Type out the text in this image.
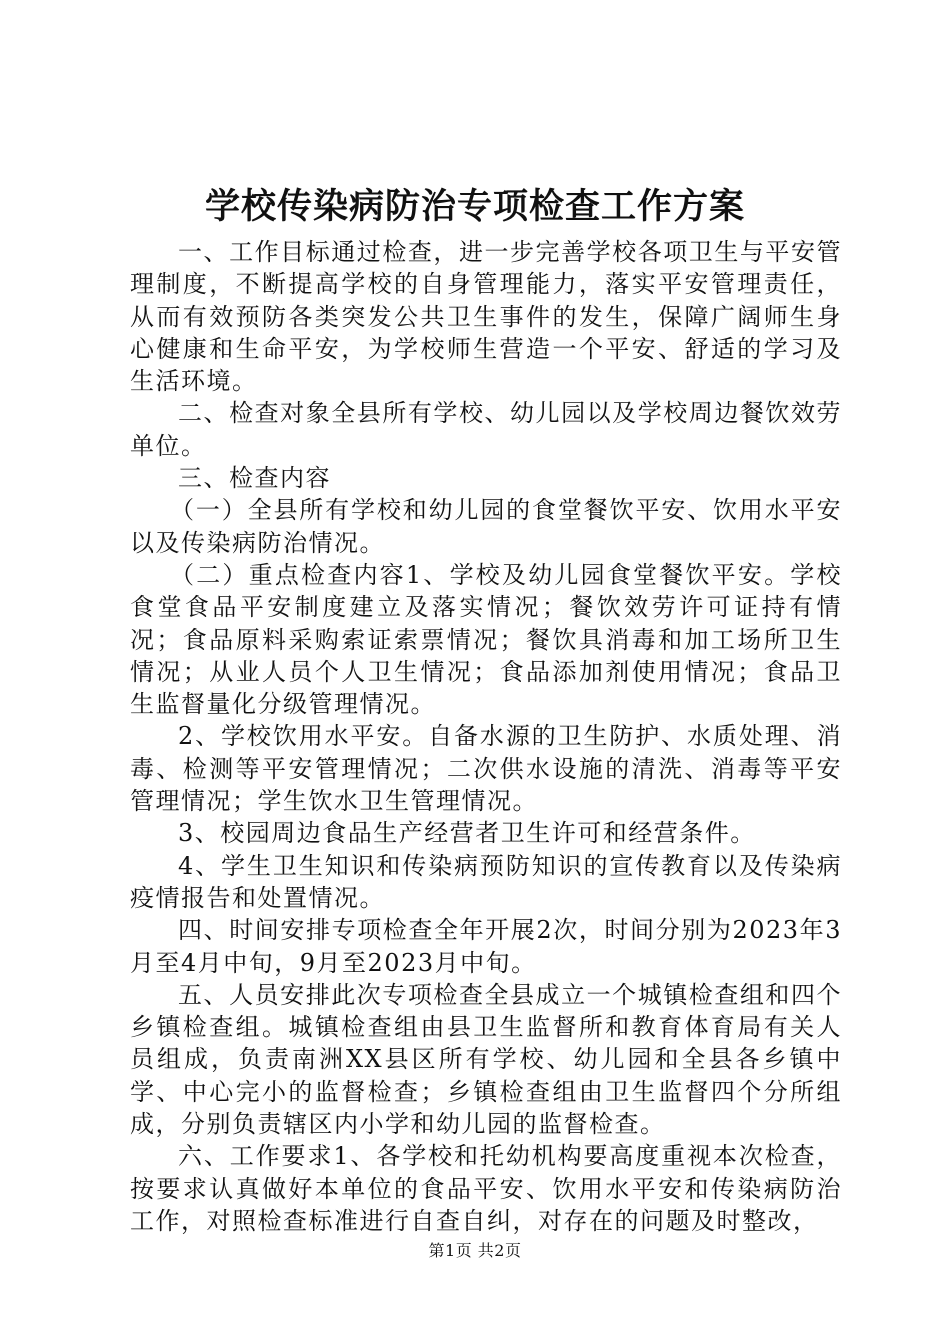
学校传染病防治专项检查工作方案

一、工作目标通过检查，进一步完善学校各项卫生与平安管理制度，不断提高学校的自身管理能力，落实平安管理责任，从而有效预防各类突发公共卫生事件的发生，保障广阔师生身心健康和生命平安，为学校师生营造一个平安、舒适的学习及生活环境。

二、检查对象全县所有学校、幼儿园以及学校周边餐饮效劳单位。

三、检查内容

（一）全县所有学校和幼儿园的食堂餐饮平安、饮用水平安以及传染病防治情况。

（二）重点检查内容1、学校及幼儿园食堂餐饮平安。学校食堂食品平安制度建立及落实情况；餐饮效劳许可证持有情况；食品原料采购索证索票情况；餐饮具消毒和加工场所卫生情况；从业人员个人卫生情况；食品添加剂使用情况；食品卫生监督量化分级管理情况。

2、学校饮用水平安。自备水源的卫生防护、水质处理、消毒、检测等平安管理情况；二次供水设施的清洗、消毒等平安管理情况；学生饮水卫生管理情况。

3、校园周边食品生产经营者卫生许可和经营条件。

4、学生卫生知识和传染病预防知识的宣传教育以及传染病疫情报告和处置情况。

四、时间安排专项检查全年开展2次，时间分别为2023年3月至4月中旬，9月至2023月中旬。

五、人员安排此次专项检查全县成立一个城镇检查组和四个乡镇检查组。城镇检查组由县卫生监督所和教育体育局有关人员组成，负责南洲XX县区所有学校、幼儿园和全县各乡镇中学、中心完小的监督检查；乡镇检查组由卫生监督四个分所组成，分别负责辖区内小学和幼儿园的监督检查。

六、工作要求1、各学校和托幼机构要高度重视本次检查，按要求认真做好本单位的食品平安、饮用水平安和传染病防治工作，对照检查标准进行自查自纠，对存在的问题及时整改，

第1页 共2页
